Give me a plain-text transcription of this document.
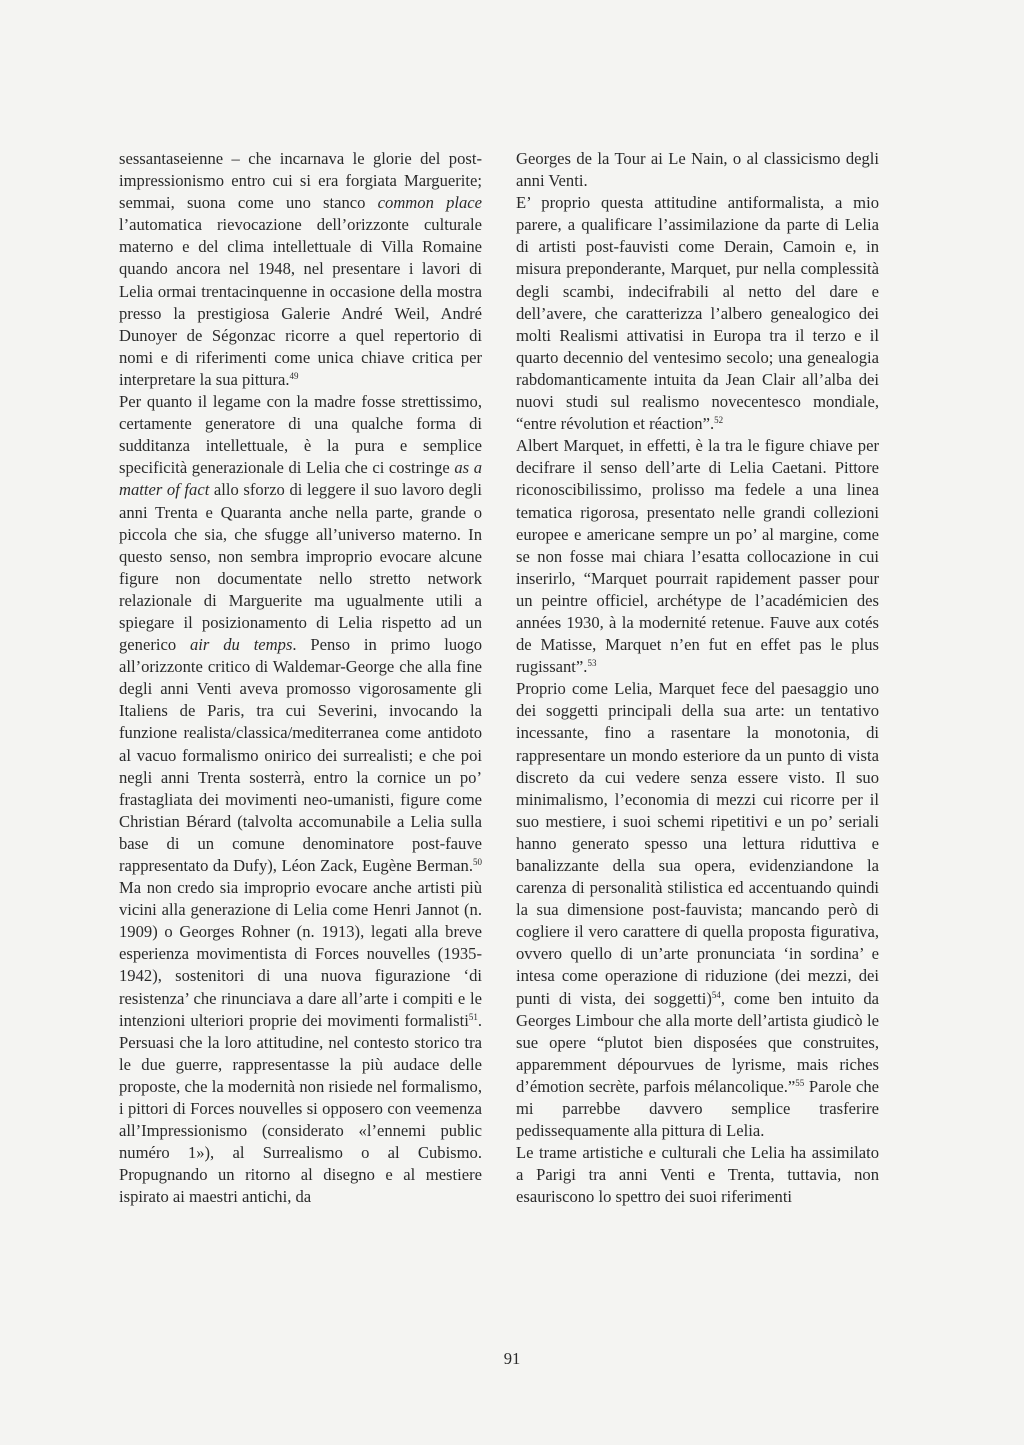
sessantaseienne – che incarnava le glorie del post-impressionismo entro cui si era forgiata Marguerite; semmai, suona come uno stanco common place l’automatica rievocazione dell’orizzonte culturale materno e del clima intellettuale di Villa Romaine quando ancora nel 1948, nel presentare i lavori di Lelia ormai trentacinquenne in occasione della mostra presso la prestigiosa Galerie André Weil, André Dunoyer de Ségonzac ricorre a quel repertorio di nomi e di riferimenti come unica chiave critica per interpretare la sua pittura.$^{49}$

Per quanto il legame con la madre fosse strettissimo, certamente generatore di una qualche forma di sudditanza intellettuale, è la pura e semplice specificità generazionale di Lelia che ci costringe as a matter of fact allo sforzo di leggere il suo lavoro degli anni Trenta e Quaranta anche nella parte, grande o piccola che sia, che sfugge all’universo materno. In questo senso, non sembra improprio evocare alcune figure non documentate nello stretto network relazionale di Marguerite ma ugualmente utili a spiegare il posizionamento di Lelia rispetto ad un generico air du temps. Penso in primo luogo all’orizzonte critico di Waldemar-George che alla fine degli anni Venti aveva promosso vigorosamente gli Italiens de Paris, tra cui Severini, invocando la funzione realista/classica/mediterranea come antidoto al vacuo formalismo onirico dei surrealisti; e che poi negli anni Trenta sosterrà, entro la cornice un po’ frastagliata dei movimenti neo-umanisti, figure come Christian Bérard (talvolta accomunabile a Lelia sulla base di un comune denominatore post-fauve rappresentato da Dufy), Léon Zack, Eugène Berman.$^{50}$ Ma non credo sia improprio evocare anche artisti più vicini alla generazione di Lelia come Henri Jannot (n. 1909) o Georges Rohner (n. 1913), legati alla breve esperienza movimentista di Forces nouvelles (1935-1942), sostenitori di una nuova figurazione ‘di resistenza’ che rinunciava a dare all’arte i compiti e le intenzioni ulteriori proprie dei movimenti formalisti$^{51}$. Persuasi che la loro attitudine, nel contesto storico tra le due guerre, rappresentasse la più audace delle proposte, che la modernità non risiede nel formalismo, i pittori di Forces nouvelles si opposero con veemenza all’Impressionismo (considerato «l’ennemi public numéro 1»), al Surrealismo o al Cubismo. Propugnando un ritorno al disegno e al mestiere ispirato ai maestri antichi, da

Georges de la Tour ai Le Nain, o al classicismo degli anni Venti.

E’ proprio questa attitudine antiformalista, a mio parere, a qualificare l’assimilazione da parte di Lelia di artisti post-fauvisti come Derain, Camoin e, in misura preponderante, Marquet, pur nella complessità degli scambi, indecifrabili al netto del dare e dell’avere, che caratterizza l’albero genealogico dei molti Realismi attivatisi in Europa tra il terzo e il quarto decennio del ventesimo secolo; una genealogia rabdomanticamente intuita da Jean Clair all’alba dei nuovi studi sul realismo novecentesco mondiale, “entre révolution et réaction”.$^{52}$

Albert Marquet, in effetti, è la tra le figure chiave per decifrare il senso dell’arte di Lelia Caetani. Pittore riconoscibilissimo, prolisso ma fedele a una linea tematica rigorosa, presentato nelle grandi collezioni europee e americane sempre un po’ al margine, come se non fosse mai chiara l’esatta collocazione in cui inserirlo, “Marquet pourrait rapidement passer pour un peintre officiel, archétype de l’académicien des années 1930, à la modernité retenue. Fauve aux cotés de Matisse, Marquet n’en fut en effet pas le plus rugissant”.$^{53}$

Proprio come Lelia, Marquet fece del paesaggio uno dei soggetti principali della sua arte: un tentativo incessante, fino a rasentare la monotonia, di rappresentare un mondo esteriore da un punto di vista discreto da cui vedere senza essere visto. Il suo minimalismo, l’economia di mezzi cui ricorre per il suo mestiere, i suoi schemi ripetitivi e un po’ seriali hanno generato spesso una lettura riduttiva e banalizzante della sua opera, evidenziandone la carenza di personalità stilistica ed accentuando quindi la sua dimensione post-fauvista; mancando però di cogliere il vero carattere di quella proposta figurativa, ovvero quello di un’arte pronunciata ‘in sordina’ e intesa come operazione di riduzione (dei mezzi, dei punti di vista, dei soggetti)$^{54}$, come ben intuito da Georges Limbour che alla morte dell’artista giudicò le sue opere “plutot bien disposées que construites, apparemment dépourvues de lyrisme, mais riches d’émotion secrète, parfois mélancolique.”$^{55}$ Parole che mi parrebbe davvero semplice trasferire pedissequamente alla pittura di Lelia.

Le trame artistiche e culturali che Lelia ha assimilato a Parigi tra anni Venti e Trenta, tuttavia, non esauriscono lo spettro dei suoi riferimenti

91
